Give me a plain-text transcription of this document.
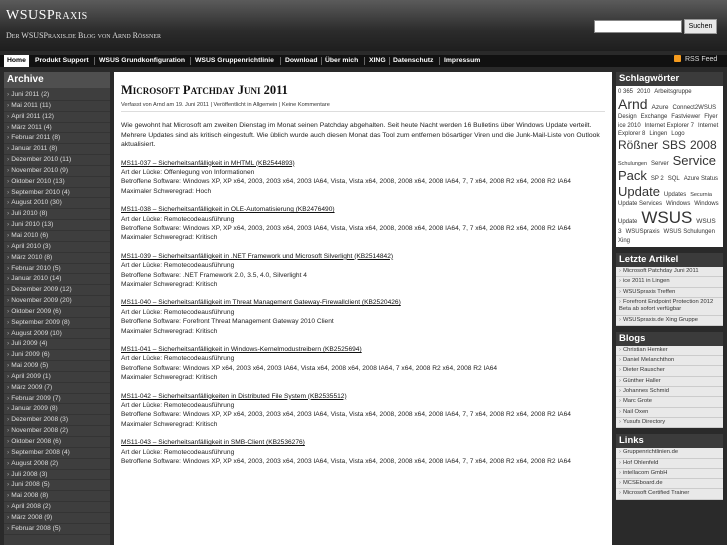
WSUSPraxis
Der WSUSPraxis.de Blog von Arnd Rößner
Suchen
Home	Produkt Support	WSUS Grundkonfiguration	WSUS Gruppenrichtlinie	Download	Über mich	XING	Datenschutz	Impressum	RSS Feed
Archive
› Juni 2011 (2)
› Mai 2011 (11)
› April 2011 (12)
› März 2011 (4)
› Februar 2011 (8)
› Januar 2011 (8)
› Dezember 2010 (11)
› November 2010 (9)
› Oktober 2010 (13)
› September 2010 (4)
› August 2010 (30)
› Juli 2010 (8)
› Juni 2010 (13)
› Mai 2010 (6)
› April 2010 (3)
› März 2010 (8)
› Februar 2010 (5)
› Januar 2010 (14)
› Dezember 2009 (12)
› November 2009 (20)
› Oktober 2009 (6)
› September 2009 (8)
› August 2009 (10)
› Juli 2009 (4)
› Juni 2009 (6)
› Mai 2009 (5)
› April 2009 (1)
› März 2009 (7)
› Februar 2009 (7)
› Januar 2009 (8)
› Dezember 2008 (3)
› November 2008 (2)
› Oktober 2008 (6)
› September 2008 (4)
› August 2008 (2)
› Juli 2008 (3)
› Juni 2008 (5)
› Mai 2008 (8)
› April 2008 (2)
› März 2008 (9)
› Februar 2008 (5)
Microsoft Patchday Juni 2011
Verfasst von Arnd am 19. Juni 2011 | Veröffentlicht in Allgemein | Keine Kommentare

Wie gewohnt hat Microsoft am zweiten Dienstag im Monat seinen Patchday abgehalten. Seit heute Nacht werden 16 Bulletins über Windows Update verteilt. Mehrere Updates sind als kritisch eingestuft. Wie üblich wurde auch diesen Monat das Tool zum entfernen bösartiger Viren und die Junk-Mail-Liste von Outlook aktualisiert.

MS11-037 – Sicherheitsanfälligkeit in MHTML (KB2544893)
Art der Lücke: Offenlegung von Informationen
Betroffene Software: Windows XP, XP x64, 2003, 2003 x64, 2003 IA64, Vista, Vista x64, 2008, 2008 x64, 2008 IA64, 7, 7 x64, 2008 R2 x64, 2008 R2 IA64
Maximaler Schweregrad: Hoch
MS11-038 – Sicherheitsanfälligkeit in OLE-Automatisierung (KB2476490)
Art der Lücke: Remotecodeausführung
Betroffene Software: Windows XP, XP x64, 2003, 2003 x64, 2003 IA64, Vista, Vista x64, 2008, 2008 x64, 2008 IA64, 7, 7 x64, 2008 R2 x64, 2008 R2 IA64
Maximaler Schweregrad: Kritisch
MS11-039 – Sicherheitsanfälligkeit in .NET Framework und Microsoft Silverlight (KB2514842)
Art der Lücke: Remotecodeausführung
Betroffene Software: .NET Framework 2.0, 3.5, 4.0, Silverlight 4
Maximaler Schweregrad: Kritisch
MS11-040 – Sicherheitsanfälligkeit im Threat Management Gateway-Firewallclient (KB2520426)
Art der Lücke: Remotecodeausführung
Betroffene Software: Forefront Threat Management Gateway 2010 Client
Maximaler Schweregrad: Kritisch
MS11-041 – Sicherheitsanfälligkeit in Windows-Kernelmodustreibern (KB2525694)
Art der Lücke: Remotecodeausführung
Betroffene Software: Windows XP x64, 2003 x64, 2003 IA64, Vista x64, 2008 x64, 2008 IA64, 7 x64, 2008 R2 x64, 2008 R2 IA64
Maximaler Schweregrad: Kritisch
MS11-042 – Sicherheitsanfälligkeiten in Distributed File System (KB2535512)
Art der Lücke: Remotecodeausführung
Betroffene Software: Windows XP, XP x64, 2003, 2003 x64, 2003 IA64, Vista, Vista x64, 2008, 2008 x64, 2008 IA64, 7, 7 x64, 2008 R2 x64, 2008 R2 IA64
Maximaler Schweregrad: Kritisch
MS11-043 – Sicherheitsanfälligkeit in SMB-Client (KB2536276)
Art der Lücke: Remotecodeausführung
Betroffene Software: Windows XP, XP x64, 2003, 2003 x64, 2003 IA64, Vista, Vista x64, 2008, 2008 x64, 2008 IA64, 7, 7 x64, 2008 R2 x64, 2008 R2 IA64
Schlagwörter
0 365 2010 Arbeitsgruppe Arnd Azure Connect2WSUS Design Exchange Fastviewer Flyer ice 2010 Internet Explorer 7 Internet Explorer 8 Lingen Logo Rößner SBS 2008 Schulungen Server Service Pack SP 2 SQL Azure Status Update Updates Securnia Update Services Windows Windows Update WSUS WSUS 3 WSUSpraxis WSUS Schulungen Xing
Letzte Artikel
› Microsoft Patchday Juni 2011
› ice 2011 in Lingen
› WSUSpraxis Treffen
› Forefront Endpoint Protection 2012 Beta ab sofort verfügbar
› WSUSpraxis.de Xing Gruppe
Blogs
› Christian Hemker
› Daniel Melanchthon
› Dieter Rauscher
› Günther Haller
› Johannes Schmid
› Marc Grote
› Nail Oxen
› Yusufs Directory
Links
› Gruppenrichtlinien.de
› Hof Ohlenfeld
› intellacom GmbH
› MCSEboard.de
› Microsoft Certified Trainer
